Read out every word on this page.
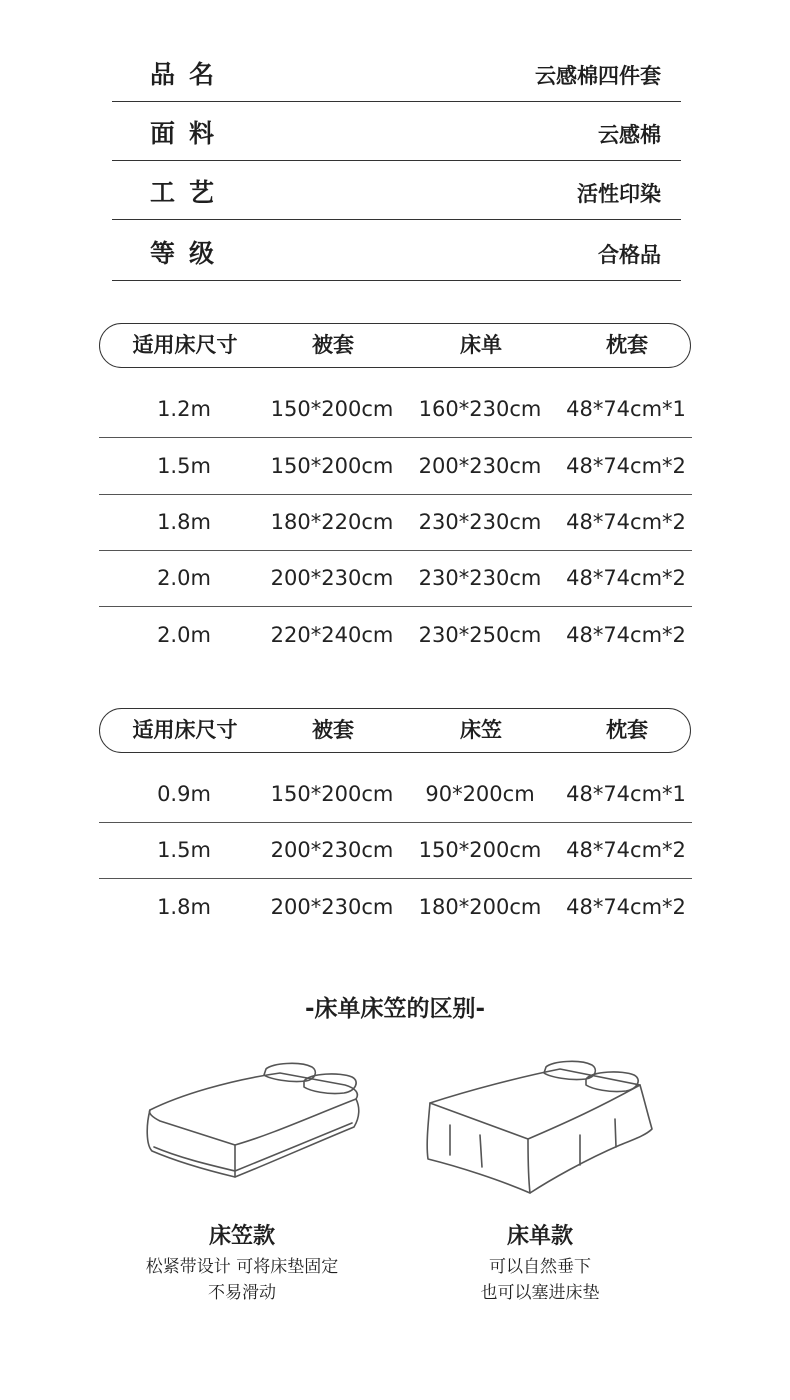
品名	云感棉四件套
面料	云感棉
工艺	活性印染
等级	合格品
适用床尺寸	被套	床单	枕套
1.2m	150*200cm 160*230cm 48*74cm*1
1.5m	150*200cm 200*230cm 48*74cm*2
1.8m	180*220cm 230*230cm 48*74cm*2
2.0m	200*230cm 230*230cm 48*74cm*2
2.0m	220*240cm 230*250cm 48*74cm*2
适用床尺寸	被套	床笠	枕套
0.9m	150*200cm 90*200cm 48*74cm*1
1.5m	200*230cm 150*200cm 48*74cm*2
1.8m	200*230cm 180*200cm 48*74cm*2
-床单床笠的区别-
床笠款
松紧带设计 可将床垫固定
不易滑动
床单款
可以自然垂下
也可以塞进床垫
